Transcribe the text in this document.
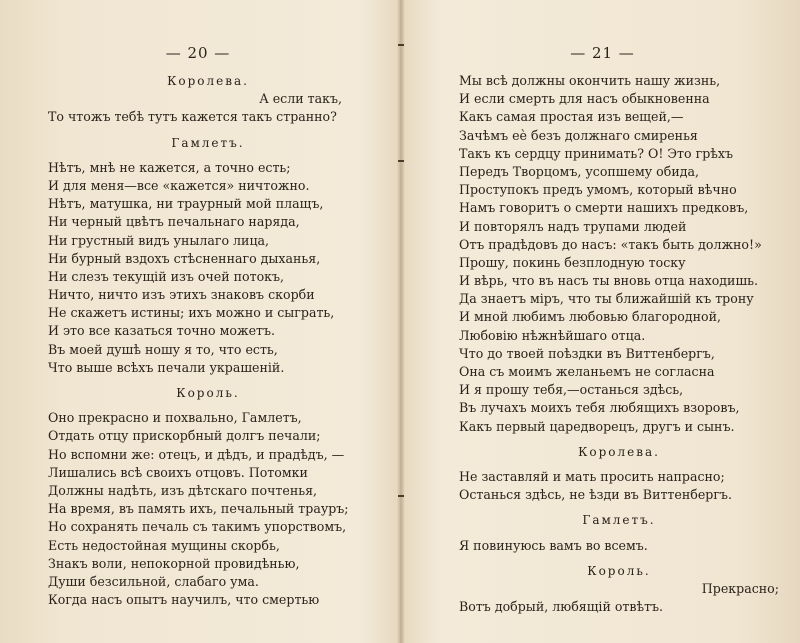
— 20 —
Королева.
А если такъ,
То чтожъ тебѣ тутъ кажется такъ странно?
Гамлетъ.
Нѣтъ, мнѣ не кажется, а точно есть;
И для меня—все «кажется» ничтожно.
Нѣтъ, матушка, ни траурный мой плащъ,
Ни черный цвѣтъ печальнаго наряда,
Ни грустный видъ унылаго лица,
Ни бурный вздохъ стѣсненнаго дыханья,
Ни слезъ текущій изъ очей потокъ,
Ничто, ничто изъ этихъ знаковъ скорби
Не скажетъ истины; ихъ можно и сыграть,
И это все казаться точно можетъ.
Въ моей душѣ ношу я то, что есть,
Что выше всѣхъ печали украшеній.
Король.
Оно прекрасно и похвально, Гамлетъ,
Отдать отцу прискорбный долгъ печали;
Но вспомни же: отецъ, и дѣдъ, и прадѣдъ, —
Лишались всѣ своихъ отцовъ. Потомки
Должны надѣть, изъ дѣтскаго почтенья,
На время, въ память ихъ, печальный трауръ;
Но сохранять печаль съ такимъ упорствомъ,
Есть недостойная мущины скорбь,
Знакъ воли, непокорной провидѣнью,
Души безсильной, слабаго ума.
Когда насъ опытъ научилъ, что смертью
— 21 —
Мы всѣ должны окончить нашу жизнь,
И если смерть для насъ обыкновенна
Какъ самая простая изъ вещей,—
Зачѣмъ еѐ безъ должнаго смиренья
Такъ къ сердцу принимать? О! Это грѣхъ
Передъ Творцомъ, усопшему обида,
Проступокъ предъ умомъ, который вѣчно
Намъ говоритъ о смерти нашихъ предковъ,
И повторялъ надъ трупами людей
Отъ прадѣдовъ до насъ: «такъ быть должно!»
Прошу, покинь безплодную тоску
И вѣрь, что въ насъ ты вновь отца находишь.
Да знаетъ міръ, что ты ближайшій къ трону
И мной любимъ любовью благородной,
Любовію нѣжнѣйшаго отца.
Что до твоей поѣздки въ Виттенбергъ,
Она съ моимъ желаньемъ не согласна
И я прошу тебя,—останься здѣсь,
Въ лучахъ моихъ тебя любящихъ взоровъ,
Какъ первый царедворецъ, другъ и сынъ.
Королева.
Не заставляй и мать просить напрасно;
Останься здѣсь, не ѣзди въ Виттенбергъ.
Гамлетъ.
Я повинуюсь вамъ во всемъ.
Король.
Прекрасно;
Вотъ добрый, любящій отвѣтъ.
